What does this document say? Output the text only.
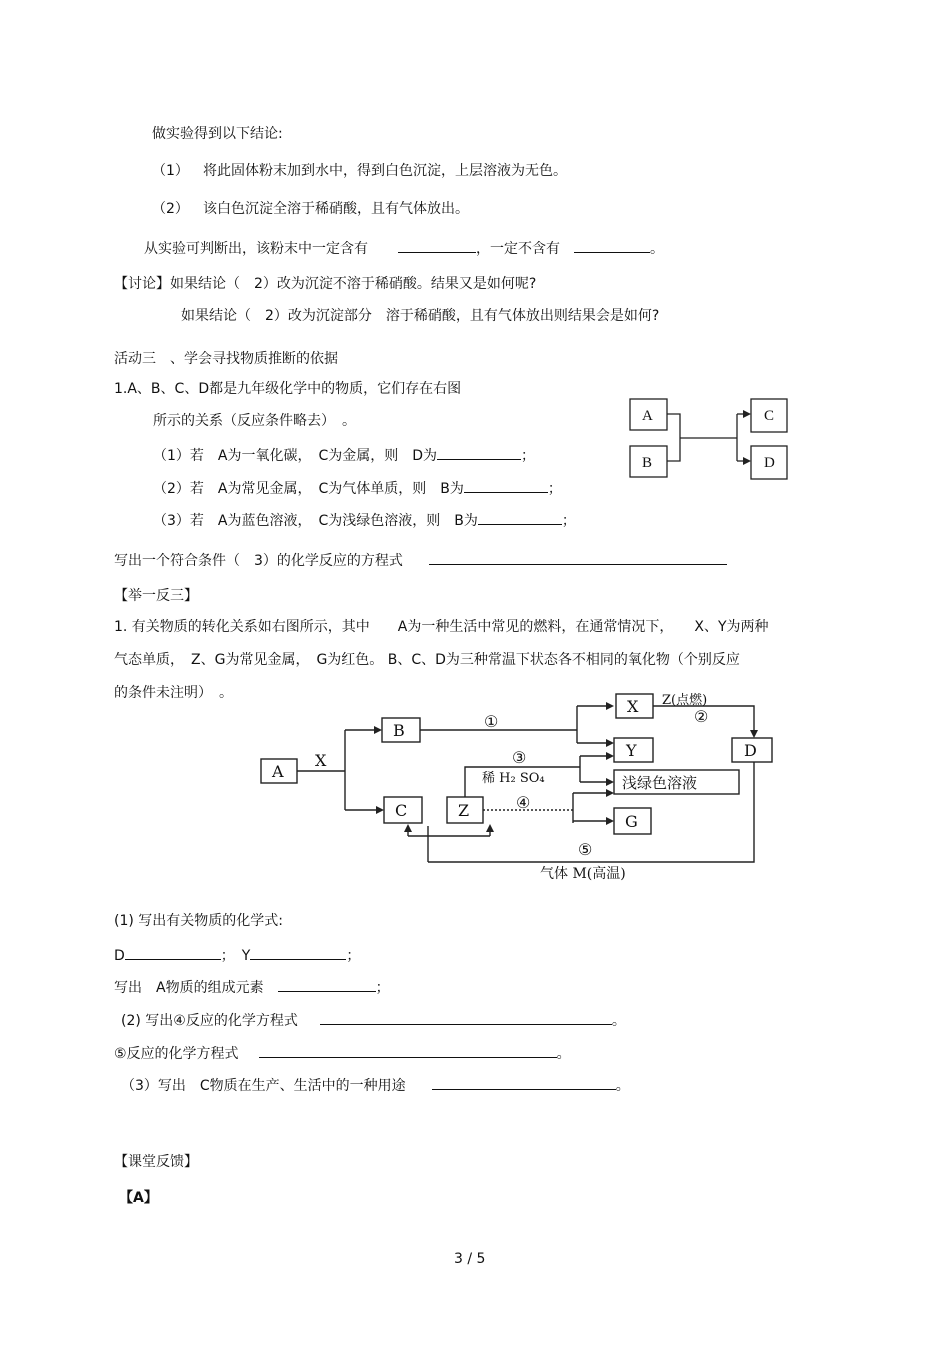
做实验得到以下结论:
（1） 将此固体粉末加到水中，得到白色沉淀，上层溶液为无色。
（2） 该白色沉淀全溶于稀硝酸，且有气体放出。
从实验可判断出，该粉末中一定含有	，一定不含有	。
【讨论】如果结论（　2）改为沉淀不溶于稀硝酸。结果又是如何呢?
如果结论（　2）改为沉淀部分　溶于稀硝酸，且有气体放出则结果会是如何?
活动三　、学会寻找物质推断的依据
1.A、B、C、D都是九年级化学中的物质，它们存在右图
所示的关系（反应条件略去）　。
（1）若　A为一氧化碳，　C为金属，则　D为	；
（2）若　A为常见金属，　C为气体单质，则　B为	；
（3）若　A为蓝色溶液，　C为浅绿色溶液，则　B为	；
写出一个符合条件（　3）的化学反应的方程式
A
B
C
D
【举一反三】
1. 有关物质的转化关系如右图所示，其中　　A为一种生活中常见的燃料，在通常情况下，　　X、Y为两种
气态单质，　Z、G为常见金属，　G为红色。 B、C、D为三种常温下状态各不相同的氧化物（个别反应
的条件未注明）　。
A
B
C	Z
X
Y
浅绿色溶液
G
D
X
①
Z(点燃)
②
③
稀 H₂ SO₄
④
⑤
气体 M(高温)
(1) 写出有关物质的化学式:
D	；　Y	；
写出　A物质的组成元素	；
(2) 写出④反应的化学方程式	。
⑤反应的化学方程式	。
（3）写出　C物质在生产、生活中的一种用途	。
【课堂反馈】
【A】
3 / 5
